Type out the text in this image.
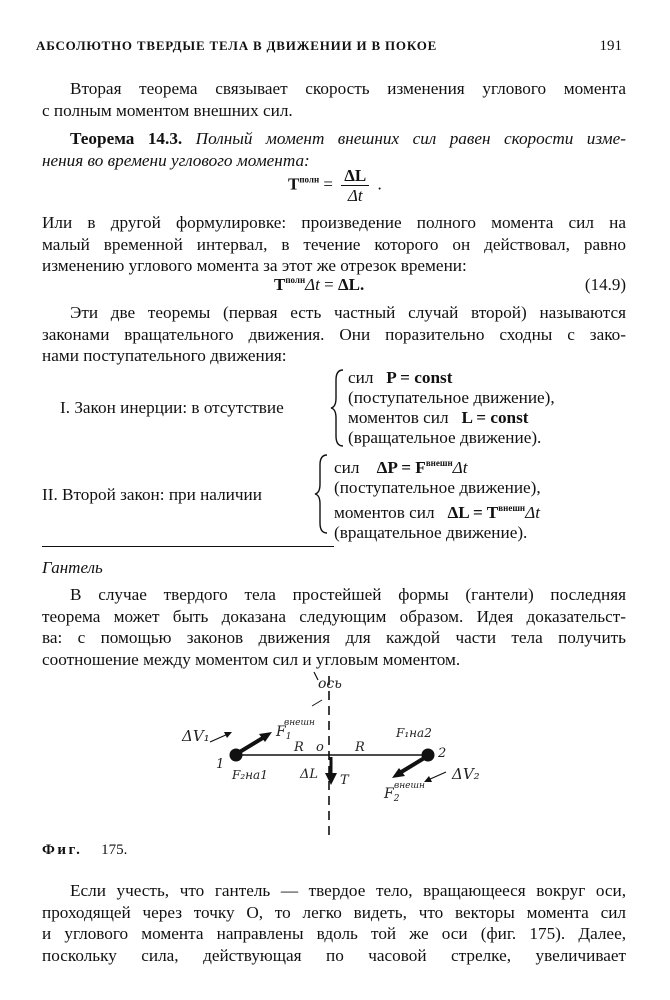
АБСОЛЮТНО ТВЕРДЫЕ ТЕЛА В ДВИЖЕНИИ И В ПОКОЕ	191
Вторая теорема связывает скорость изменения углового момента
с полным моментом внешних сил.
Теорема 14.3. Полный момент внешних сил равен скорости изме-
нения во времени углового момента:
$T^{полн} = \frac{\Delta L}{\Delta t}$ .
Или в другой формулировке: произведение полного момента сил на
малый временной интервал, в течение которого он действовал, равно
изменению углового момента за этот же отрезок времени:
$T^{полн}\Delta t = \Delta L$.	(14.9)
Эти две теоремы (первая есть частный случай второй) называются
законами вращательного движения. Они поразительно сходны с зако-
нами поступательного движения:
I. Закон инерции: в отсутствие
сил P = const
(поступательное движение),
моментов сил L = const
(вращательное движение).
II. Второй закон: при наличии
сил $\Delta P = F^{внешн}\Delta t$
(поступательное движение),
моментов сил $\Delta L = T^{внешн}\Delta t$
(вращательное движение).
Гантель
В случае твердого тела простейшей формы (гантели) последняя
теорема может быть доказана следующим образом. Идея доказательст-
ва: с помощью законов движения для каждой части тела получить
соотношение между моментом сил и угловым моментом.
ось
ΔV₁	$F_1$
внешн
R o R
F₁на2
2
1
F₂на1 ΔL T
$F_2$
внешн
ΔV₂
Фиг. 175.
Если учесть, что гантель — твердое тело, вращающееся вокруг оси,
проходящей через точку O, то легко видеть, что векторы момента сил
и углового момента направлены вдоль той же оси (фиг. 175). Далее,
поскольку сила, действующая по часовой стрелке, увеличивает
